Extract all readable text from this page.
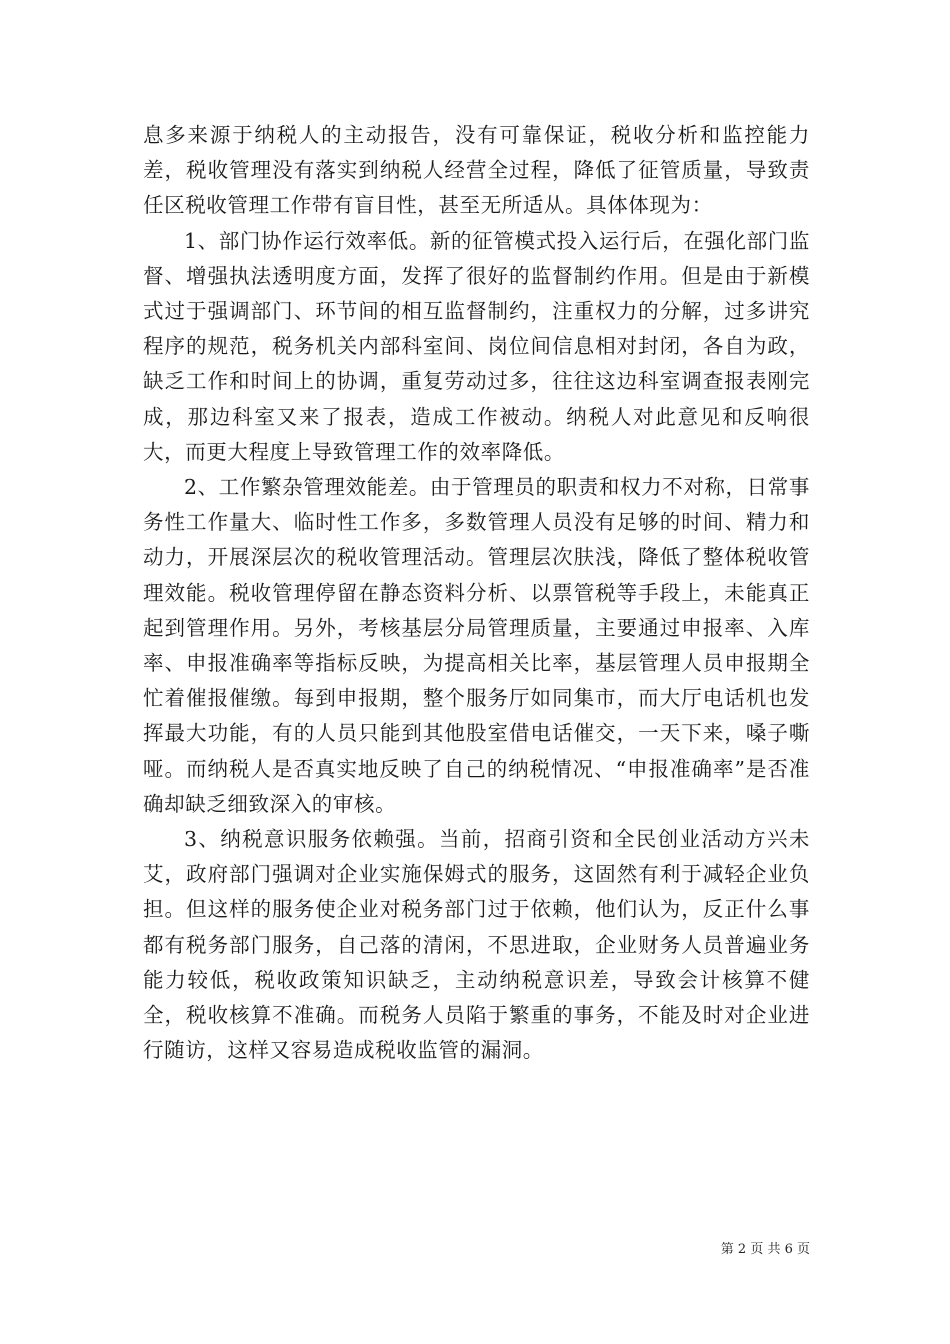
息多来源于纳税人的主动报告，没有可靠保证，税收分析和监控能力差，税收管理没有落实到纳税人经营全过程，降低了征管质量，导致责任区税收管理工作带有盲目性，甚至无所适从。具体体现为：

1、部门协作运行效率低。新的征管模式投入运行后，在强化部门监督、增强执法透明度方面，发挥了很好的监督制约作用。但是由于新模式过于强调部门、环节间的相互监督制约，注重权力的分解，过多讲究程序的规范，税务机关内部科室间、岗位间信息相对封闭，各自为政，缺乏工作和时间上的协调，重复劳动过多，往往这边科室调查报表刚完成，那边科室又来了报表，造成工作被动。纳税人对此意见和反响很大，而更大程度上导致管理工作的效率降低。

2、工作繁杂管理效能差。由于管理员的职责和权力不对称，日常事务性工作量大、临时性工作多，多数管理人员没有足够的时间、精力和动力，开展深层次的税收管理活动。管理层次肤浅，降低了整体税收管理效能。税收管理停留在静态资料分析、以票管税等手段上，未能真正起到管理作用。另外，考核基层分局管理质量，主要通过申报率、入库率、申报准确率等指标反映，为提高相关比率，基层管理人员申报期全忙着催报催缴。每到申报期，整个服务厅如同集市，而大厅电话机也发挥最大功能，有的人员只能到其他股室借电话催交，一天下来，嗓子嘶哑。而纳税人是否真实地反映了自己的纳税情况、“申报准确率”是否准确却缺乏细致深入的审核。

3、纳税意识服务依赖强。当前，招商引资和全民创业活动方兴未艾，政府部门强调对企业实施保姆式的服务，这固然有利于减轻企业负担。但这样的服务使企业对税务部门过于依赖，他们认为，反正什么事都有税务部门服务，自己落的清闲，不思进取，企业财务人员普遍业务能力较低，税收政策知识缺乏，主动纳税意识差，导致会计核算不健全，税收核算不准确。而税务人员陷于繁重的事务，不能及时对企业进行随访，这样又容易造成税收监管的漏洞。

第 2 页 共 6 页
